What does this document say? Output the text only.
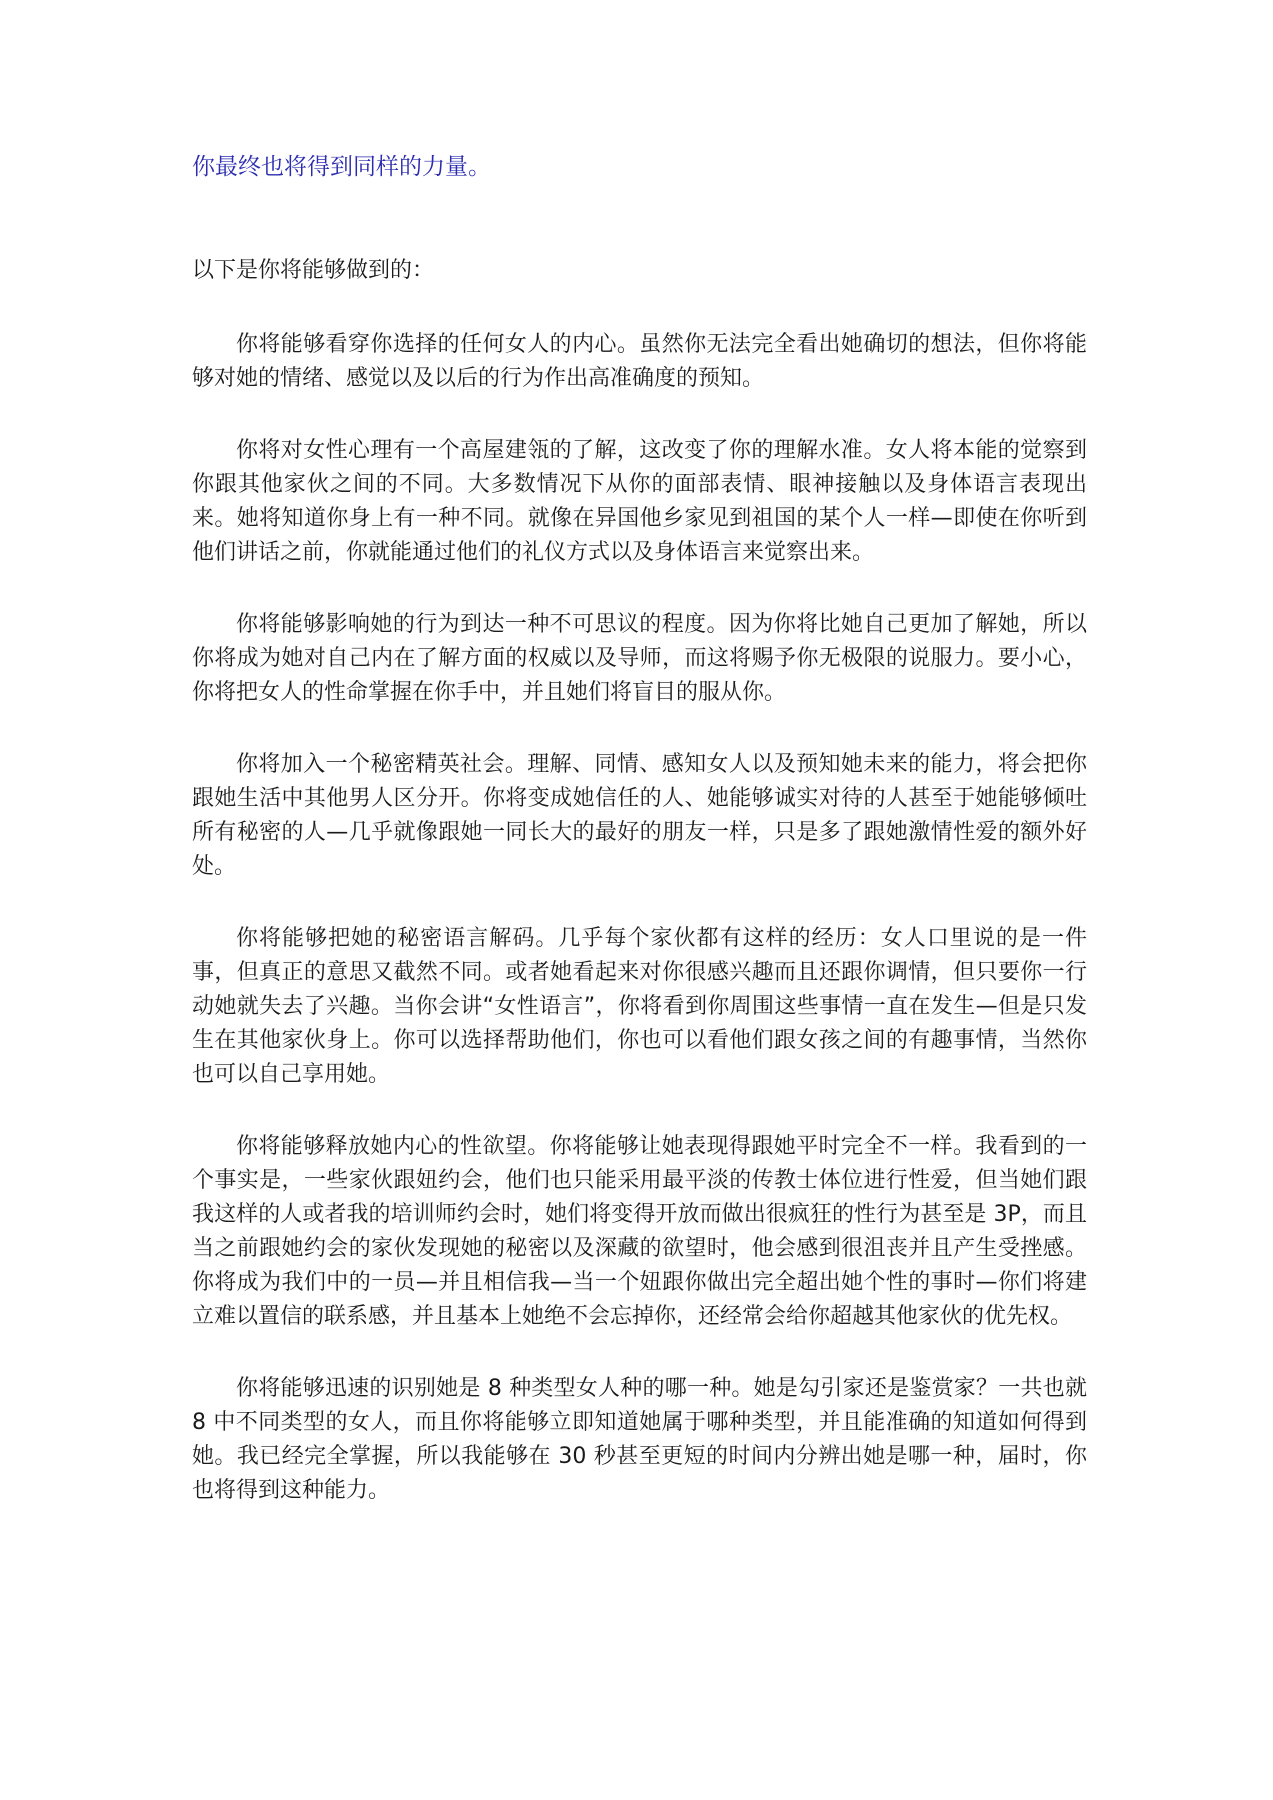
你最终也将得到同样的力量。

以下是你将能够做到的：

你将能够看穿你选择的任何女人的内心。虽然你无法完全看出她确切的想法，但你将能够对她的情绪、感觉以及以后的行为作出高准确度的预知。

你将对女性心理有一个高屋建瓴的了解，这改变了你的理解水准。女人将本能的觉察到你跟其他家伙之间的不同。大多数情况下从你的面部表情、眼神接触以及身体语言表现出来。她将知道你身上有一种不同。就像在异国他乡家见到祖国的某个人一样—即使在你听到他们讲话之前，你就能通过他们的礼仪方式以及身体语言来觉察出来。

你将能够影响她的行为到达一种不可思议的程度。因为你将比她自己更加了解她，所以你将成为她对自己内在了解方面的权威以及导师，而这将赐予你无极限的说服力。要小心，你将把女人的性命掌握在你手中，并且她们将盲目的服从你。

你将加入一个秘密精英社会。理解、同情、感知女人以及预知她未来的能力，将会把你跟她生活中其他男人区分开。你将变成她信任的人、她能够诚实对待的人甚至于她能够倾吐所有秘密的人—几乎就像跟她一同长大的最好的朋友一样，只是多了跟她激情性爱的额外好处。

你将能够把她的秘密语言解码。几乎每个家伙都有这样的经历：女人口里说的是一件事，但真正的意思又截然不同。或者她看起来对你很感兴趣而且还跟你调情，但只要你一行动她就失去了兴趣。当你会讲“女性语言”，你将看到你周围这些事情一直在发生—但是只发生在其他家伙身上。你可以选择帮助他们，你也可以看他们跟女孩之间的有趣事情，当然你也可以自己享用她。

你将能够释放她内心的性欲望。你将能够让她表现得跟她平时完全不一样。我看到的一个事实是，一些家伙跟妞约会，他们也只能采用最平淡的传教士体位进行性爱，但当她们跟我这样的人或者我的培训师约会时，她们将变得开放而做出很疯狂的性行为甚至是 3P，而且当之前跟她约会的家伙发现她的秘密以及深藏的欲望时，他会感到很沮丧并且产生受挫感。你将成为我们中的一员—并且相信我—当一个妞跟你做出完全超出她个性的事时—你们将建立难以置信的联系感，并且基本上她绝不会忘掉你，还经常会给你超越其他家伙的优先权。

你将能够迅速的识别她是 8 种类型女人种的哪一种。她是勾引家还是鉴赏家？一共也就 8 中不同类型的女人，而且你将能够立即知道她属于哪种类型，并且能准确的知道如何得到她。我已经完全掌握，所以我能够在 30 秒甚至更短的时间内分辨出她是哪一种，届时，你也将得到这种能力。
